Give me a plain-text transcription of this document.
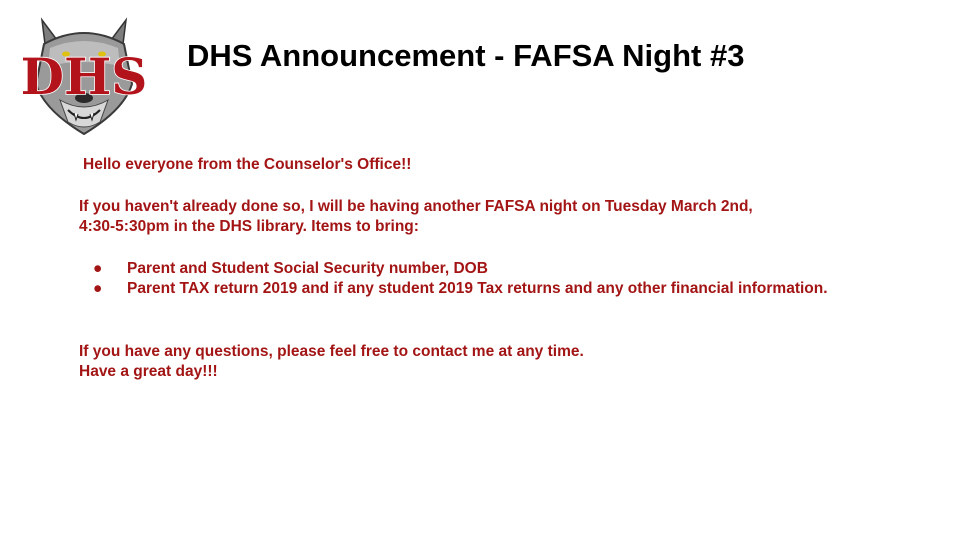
DHS DHS Announcement - FAFSA Night #3

Hello everyone from the Counselor's Office!!

If you haven't already done so, I will be having another FAFSA night on Tuesday March 2nd,

4:30-5:30pm in the DHS library. Items to bring:

● Parent and Student Social Security number, DOB
● Parent TAX return 2019 and if any student 2019 Tax returns and any other financial information.

If you have any questions, please feel free to contact me at any time.

Have a great day!!!
